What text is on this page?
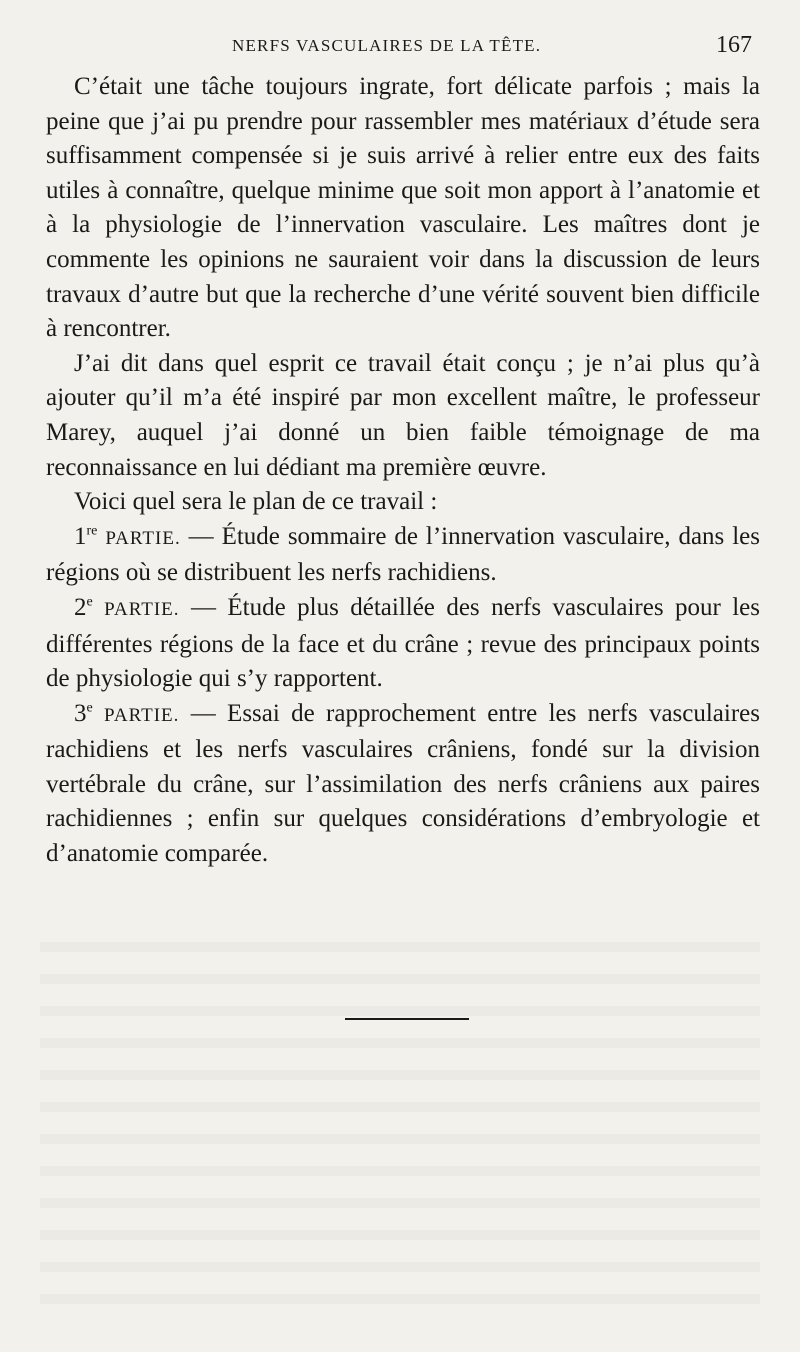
NERFS VASCULAIRES DE LA TÊTE.	167

C’était une tâche toujours ingrate, fort délicate parfois ; mais la peine que j’ai pu prendre pour rassembler mes matériaux d’étude sera suffisamment compensée si je suis arrivé à relier entre eux des faits utiles à connaître, quelque minime que soit mon apport à l’anatomie et à la physiologie de l’innervation vasculaire. Les maîtres dont je commente les opinions ne sauraient voir dans la discussion de leurs travaux d’autre but que la recherche d’une vérité souvent bien difficile à rencontrer.

J’ai dit dans quel esprit ce travail était conçu ; je n’ai plus qu’à ajouter qu’il m’a été inspiré par mon excellent maître, le professeur Marey, auquel j’ai donné un bien faible témoignage de ma reconnaissance en lui dédiant ma première œuvre.

Voici quel sera le plan de ce travail :

1re PARTIE. — Étude sommaire de l’innervation vasculaire, dans les régions où se distribuent les nerfs rachidiens.

2e PARTIE. — Étude plus détaillée des nerfs vasculaires pour les différentes régions de la face et du crâne ; revue des principaux points de physiologie qui s’y rapportent.

3e PARTIE. — Essai de rapprochement entre les nerfs vasculaires rachidiens et les nerfs vasculaires crâniens, fondé sur la division vertébrale du crâne, sur l’assimilation des nerfs crâniens aux paires rachidiennes ; enfin sur quelques considérations d’embryologie et d’anatomie comparée.
